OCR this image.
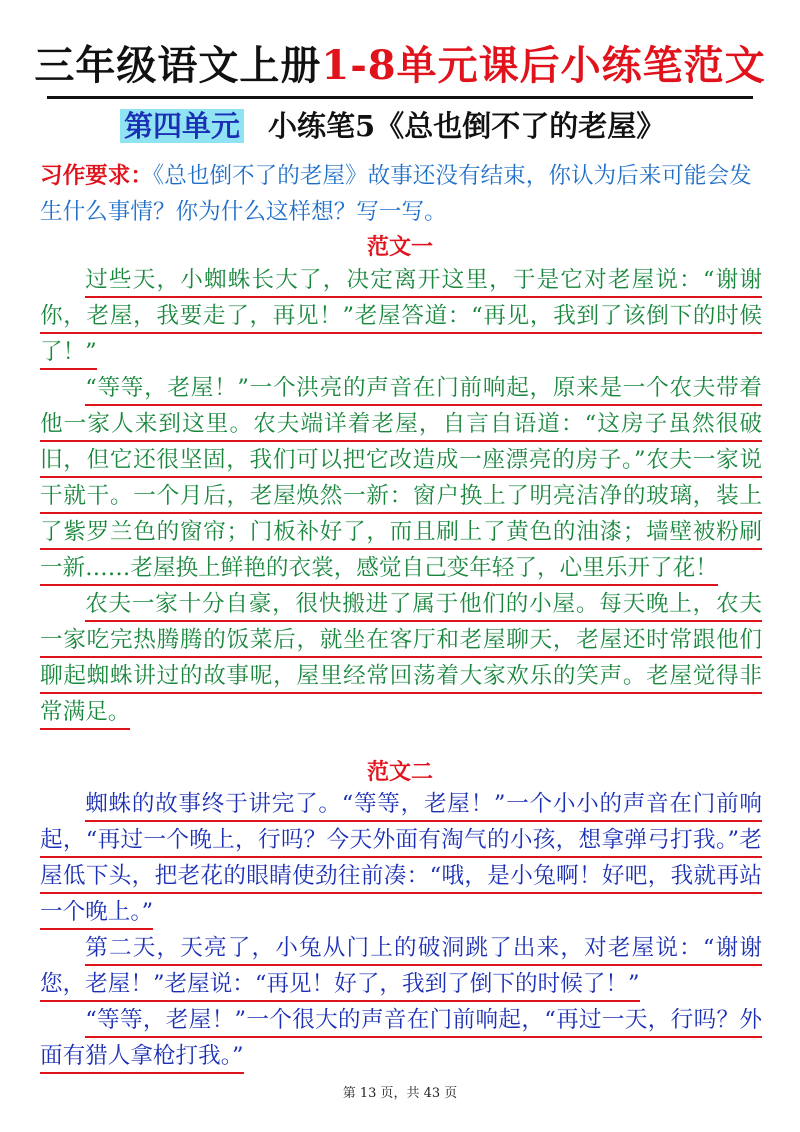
三年级语文上册1-8单元课后小练笔范文
第四单元 小练笔5《总也倒不了的老屋》
习作要求：《总也倒不了的老屋》故事还没有结束，你认为后来可能会发生什么事情？你为什么这样想？写一写。
范文一

过些天，小蜘蛛长大了，决定离开这里，于是它对老屋说：“谢谢你，老屋，我要走了，再见！”老屋答道：“再见，我到了该倒下的时候了！”

“等等，老屋！”一个洪亮的声音在门前响起，原来是一个农夫带着他一家人来到这里。农夫端详着老屋，自言自语道：“这房子虽然很破旧，但它还很坚固，我们可以把它改造成一座漂亮的房子。”农夫一家说干就干。一个月后，老屋焕然一新：窗户换上了明亮洁净的玻璃，装上了紫罗兰色的窗帘；门板补好了，而且刷上了黄色的油漆；墙壁被粉刷一新……老屋换上鲜艳的衣裳，感觉自己变年轻了，心里乐开了花！

农夫一家十分自豪，很快搬进了属于他们的小屋。每天晚上，农夫一家吃完热腾腾的饭菜后，就坐在客厅和老屋聊天，老屋还时常跟他们聊起蜘蛛讲过的故事呢，屋里经常回荡着大家欢乐的笑声。老屋觉得非常满足。

范文二

蜘蛛的故事终于讲完了。“等等，老屋！”一个小小的声音在门前响起，“再过一个晚上，行吗？今天外面有淘气的小孩，想拿弹弓打我。”老屋低下头，把老花的眼睛使劲往前凑：“哦，是小兔啊！好吧，我就再站一个晚上。”

第二天，天亮了，小兔从门上的破洞跳了出来，对老屋说：“谢谢您，老屋！”老屋说：“再见！好了，我到了倒下的时候了！”

“等等，老屋！”一个很大的声音在门前响起，“再过一天，行吗？外面有猎人拿枪打我。”

第 13 页，共 43 页
